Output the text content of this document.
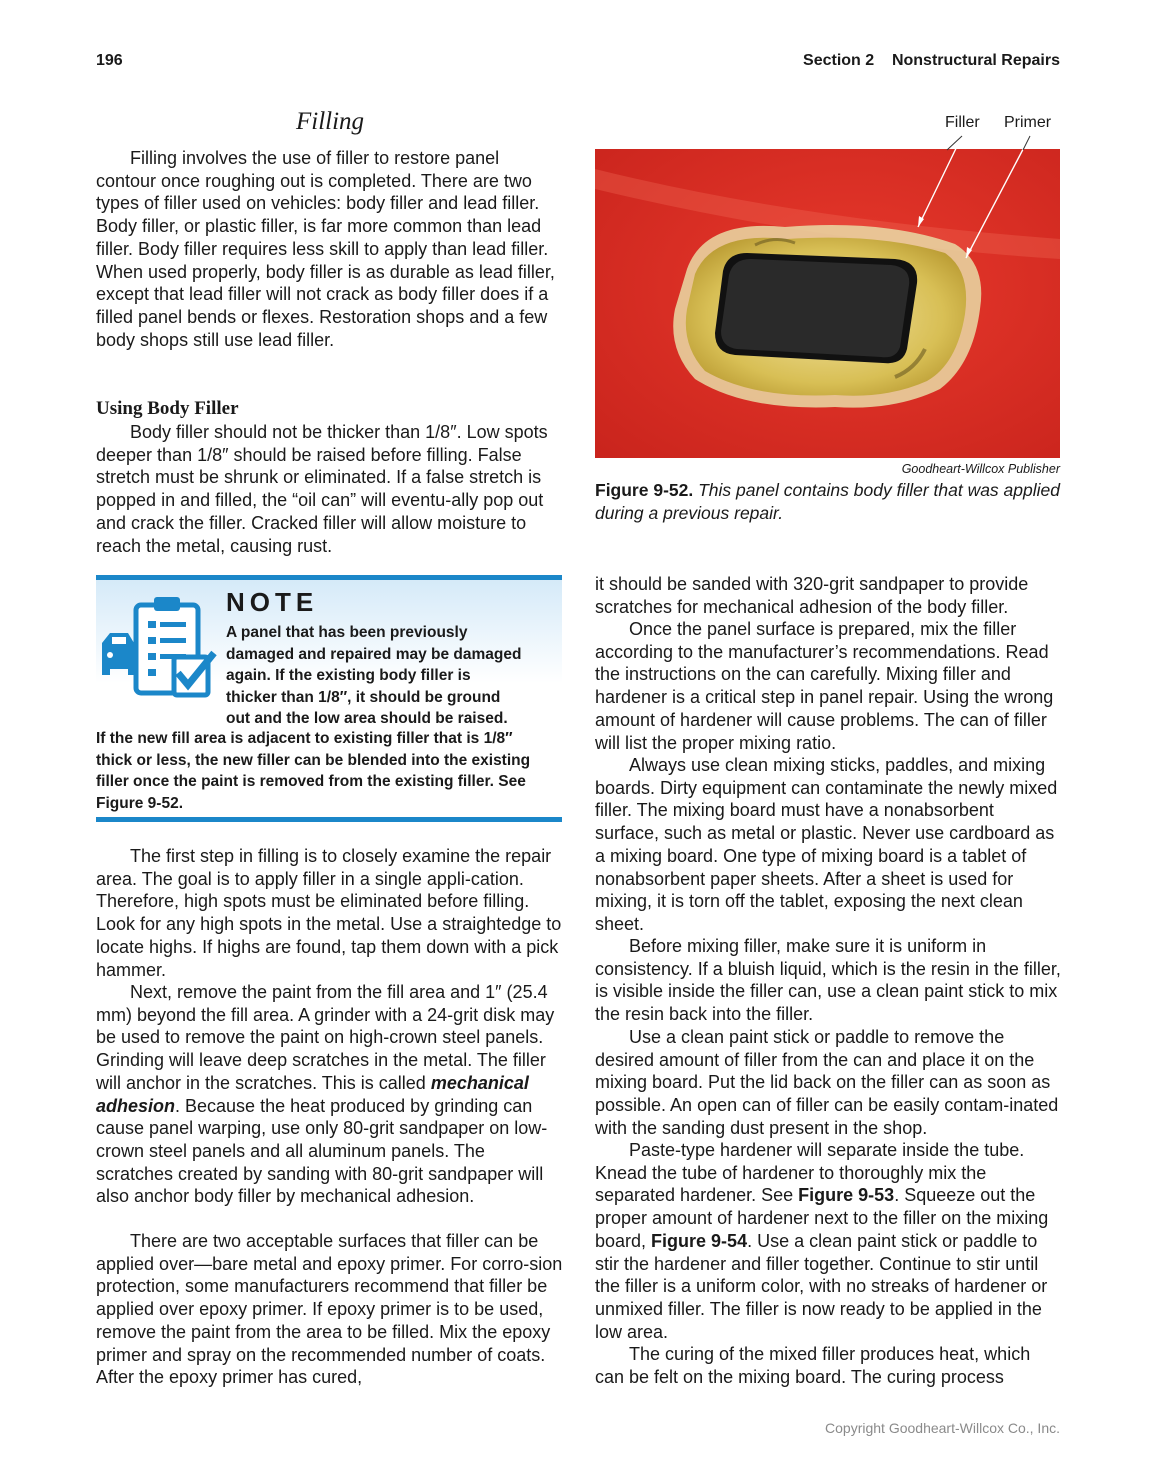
196	Section 2 Nonstructural Repairs
Filling

Filling involves the use of filler to restore panel contour once roughing out is completed. There are two types of filler used on vehicles: body filler and lead filler. Body filler, or plastic filler, is far more common than lead filler. Body filler requires less skill to apply than lead filler. When used properly, body filler is as durable as lead filler, except that lead filler will not crack as body filler does if a filled panel bends or flexes. Restoration shops and a few body shops still use lead filler.

Using Body Filler

Body filler should not be thicker than 1/8″. Low spots deeper than 1/8″ should be raised before filling. False stretch must be shrunk or eliminated. If a false stretch is popped in and filled, the “oil can” will eventu-ally pop out and crack the filler. Cracked filler will allow moisture to reach the metal, causing rust.

NOTE

A panel that has been previously

damaged and repaired may be damaged

again. If the existing body filler is

thicker than 1/8″, it should be ground

out and the low area should be raised.

If the new fill area is adjacent to existing filler that is 1/8″ thick or less, the new filler can be blended into the existing filler once the paint is removed from the existing filler. See Figure 9-52.

The first step in filling is to closely examine the repair area. The goal is to apply filler in a single appli-cation. Therefore, high spots must be eliminated before filling. Look for any high spots in the metal. Use a straightedge to locate highs. If highs are found, tap them down with a pick hammer.

Next, remove the paint from the fill area and 1″ (25.4 mm) beyond the fill area. A grinder with a 24-grit disk may be used to remove the paint on high-crown steel panels. Grinding will leave deep scratches in the metal. The filler will anchor in the scratches. This is called mechanical adhesion. Because the heat produced by grinding can cause panel warping, use only 80-grit sandpaper on low-crown steel panels and all aluminum panels. The scratches created by sanding with 80-grit sandpaper will also anchor body filler by mechanical adhesion.

There are two acceptable surfaces that filler can be applied over—bare metal and epoxy primer. For corro-sion protection, some manufacturers recommend that filler be applied over epoxy primer. If epoxy primer is to be used, remove the paint from the area to be filled. Mix the epoxy primer and spray on the recommended number of coats. After the epoxy primer has cured,

Filler Primer
Goodheart-Willcox Publisher
Figure 9-52. This panel contains body filler that was applied during a previous repair.

it should be sanded with 320-grit sandpaper to provide scratches for mechanical adhesion of the body filler.

Once the panel surface is prepared, mix the filler according to the manufacturer’s recommendations. Read the instructions on the can carefully. Mixing filler and hardener is a critical step in panel repair. Using the wrong amount of hardener will cause problems. The can of filler will list the proper mixing ratio.

Always use clean mixing sticks, paddles, and mixing boards. Dirty equipment can contaminate the newly mixed filler. The mixing board must have a nonabsorbent surface, such as metal or plastic. Never use cardboard as a mixing board. One type of mixing board is a tablet of nonabsorbent paper sheets. After a sheet is used for mixing, it is torn off the tablet, exposing the next clean sheet.

Before mixing filler, make sure it is uniform in consistency. If a bluish liquid, which is the resin in the filler, is visible inside the filler can, use a clean paint stick to mix the resin back into the filler.

Use a clean paint stick or paddle to remove the desired amount of filler from the can and place it on the mixing board. Put the lid back on the filler can as soon as possible. An open can of filler can be easily contam-inated with the sanding dust present in the shop.

Paste-type hardener will separate inside the tube. Knead the tube of hardener to thoroughly mix the separated hardener. See Figure 9-53. Squeeze out the proper amount of hardener next to the filler on the mixing board, Figure 9-54. Use a clean paint stick or paddle to stir the hardener and filler together. Continue to stir until the filler is a uniform color, with no streaks of hardener or unmixed filler. The filler is now ready to be applied in the low area.

The curing of the mixed filler produces heat, which can be felt on the mixing board. The curing process

Copyright Goodheart-Willcox Co., Inc.
